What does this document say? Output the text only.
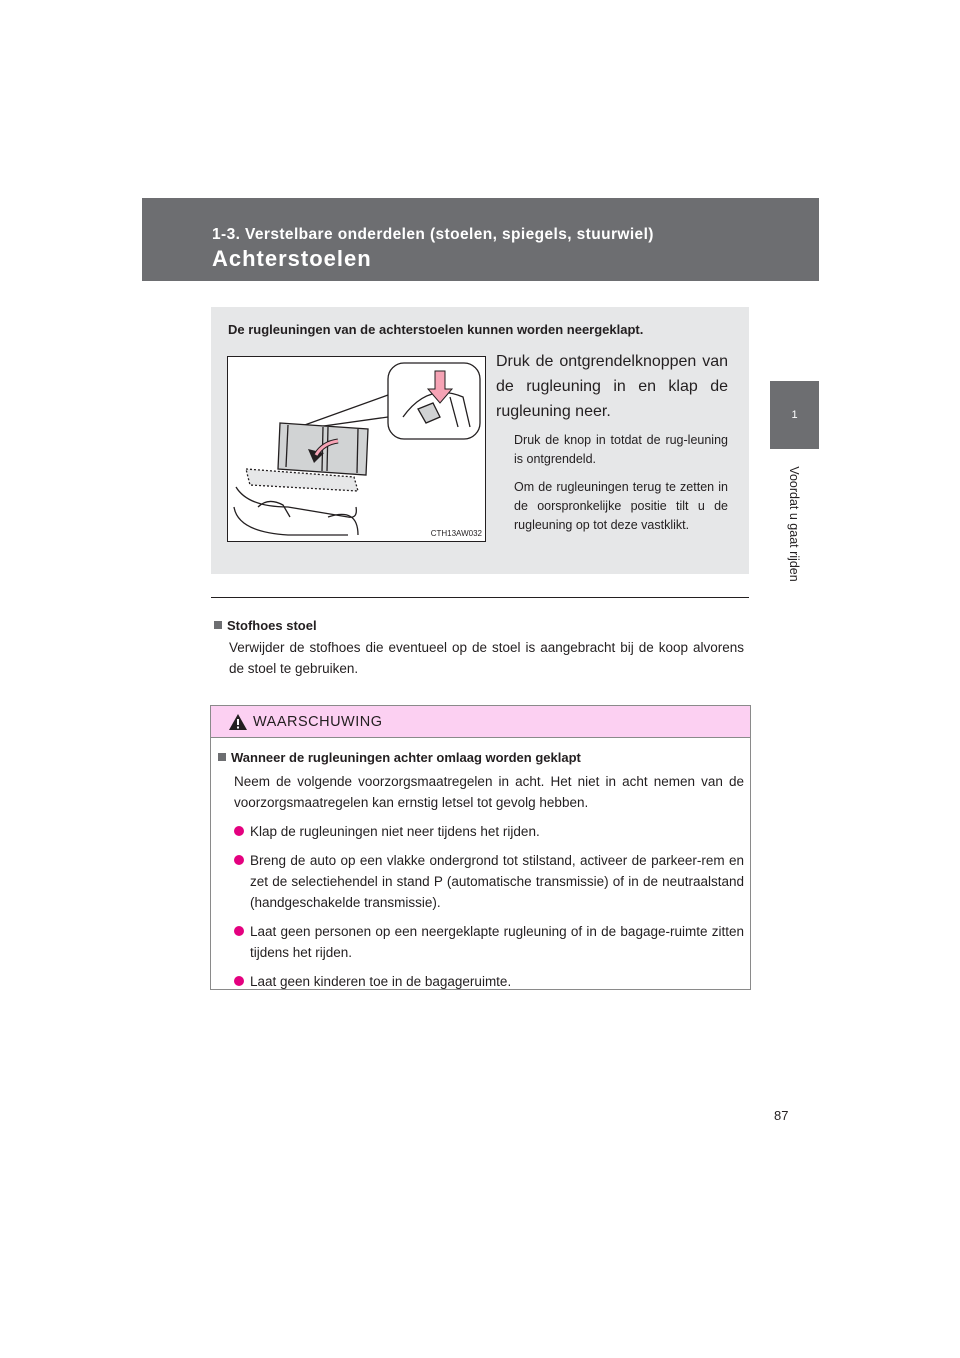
1-3. Verstelbare onderdelen (stoelen, spiegels, stuurwiel)
Achterstoelen
1
Voordat u gaat rijden
De rugleuningen van de achterstoelen kunnen worden neergeklapt.
CTH13AW032
Druk de ontgrendelknoppen van de rugleuning in en klap de rugleuning neer.
Druk de knop in totdat de rug-leuning is ontgrendeld.
Om de rugleuningen terug te zetten in de oorspronkelijke positie tilt u de rugleuning op tot deze vastklikt.
Stofhoes stoel
Verwijder de stofhoes die eventueel op de stoel is aangebracht bij de koop alvorens de stoel te gebruiken.
WAARSCHUWING
Wanneer de rugleuningen achter omlaag worden geklapt
Neem de volgende voorzorgsmaatregelen in acht. Het niet in acht nemen van de voorzorgsmaatregelen kan ernstig letsel tot gevolg hebben.
Klap de rugleuningen niet neer tijdens het rijden.
Breng de auto op een vlakke ondergrond tot stilstand, activeer de parkeer-rem en zet de selectiehendel in stand P (automatische transmissie) of in de neutraalstand (handgeschakelde transmissie).
Laat geen personen op een neergeklapte rugleuning of in de bagage-ruimte zitten tijdens het rijden.
Laat geen kinderen toe in de bagageruimte.
87
